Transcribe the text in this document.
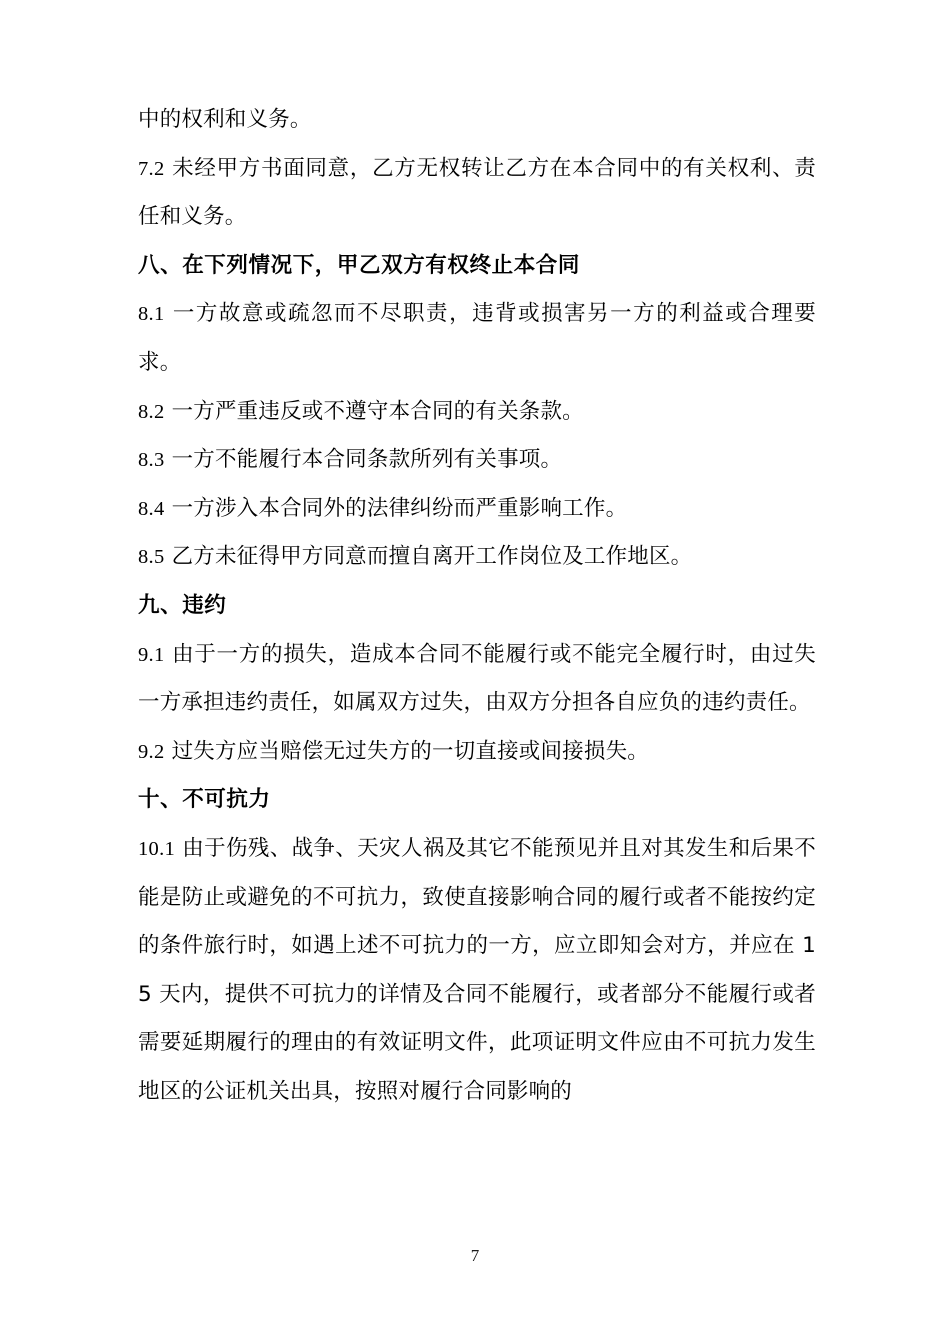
中的权利和义务。

7.2 未经甲方书面同意，乙方无权转让乙方在本合同中的有关权利、责任和义务。

八、在下列情况下，甲乙双方有权终止本合同

8.1 一方故意或疏忽而不尽职责，违背或损害另一方的利益或合理要求。

8.2 一方严重违反或不遵守本合同的有关条款。

8.3 一方不能履行本合同条款所列有关事项。

8.4 一方涉入本合同外的法律纠纷而严重影响工作。

8.5 乙方未征得甲方同意而擅自离开工作岗位及工作地区。

九、违约

9.1 由于一方的损失，造成本合同不能履行或不能完全履行时，由过失一方承担违约责任，如属双方过失，由双方分担各自应负的违约责任。

9.2 过失方应当赔偿无过失方的一切直接或间接损失。

十、不可抗力

10.1 由于伤残、战争、天灾人祸及其它不能预见并且对其发生和后果不能是防止或避免的不可抗力，致使直接影响合同的履行或者不能按约定的条件旅行时，如遇上述不可抗力的一方，应立即知会对方，并应在 15 天内，提供不可抗力的详情及合同不能履行，或者部分不能履行或者需要延期履行的理由的有效证明文件，此项证明文件应由不可抗力发生地区的公证机关出具，按照对履行合同影响的

7
